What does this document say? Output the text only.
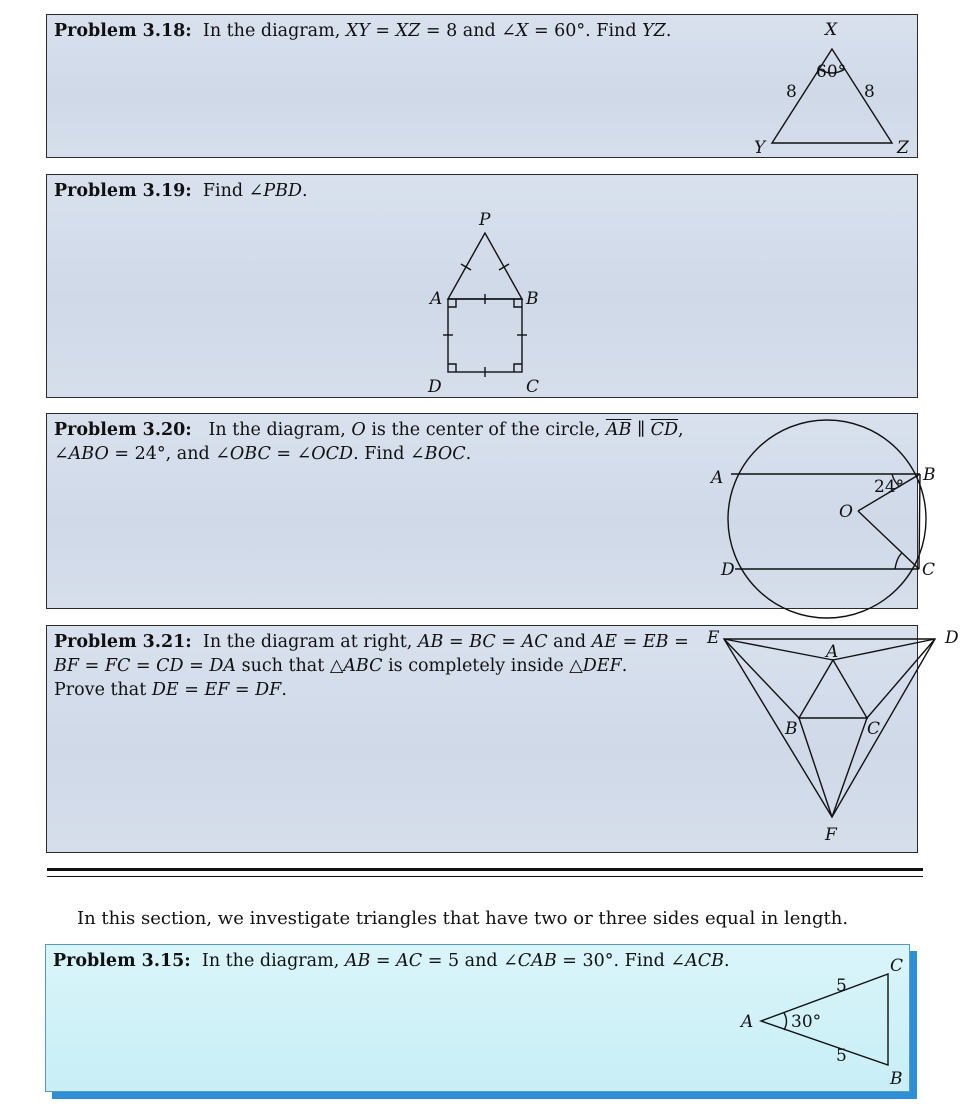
Problem 3.18: In the diagram, XY = XZ = 8 and ∠X = 60°. Find YZ.	X
Y	Z
8	8
60°
Problem 3.19: Find ∠PBD.
P
A	B
D	C
Problem 3.20: In the diagram, O is the center of the circle, $\overline{AB}$ ∥ $\overline{CD}$,
∠ABO = 24°, and ∠OBC = ∠OCD. Find ∠BOC.
A	B
C
D
O
24°
Problem 3.21: In the diagram at right, AB = BC = AC and AE = EB =
BF = FC = CD = DA such that △ABC is completely inside △DEF.
Prove that DE = EF = DF.
E	D
A
B	C
F
In this section, we investigate triangles that have two or three sides equal in length.
Problem 3.15: In the diagram, AB = AC = 5 and ∠CAB = 30°. Find ∠ACB.
A
C
B
5
5
30°
